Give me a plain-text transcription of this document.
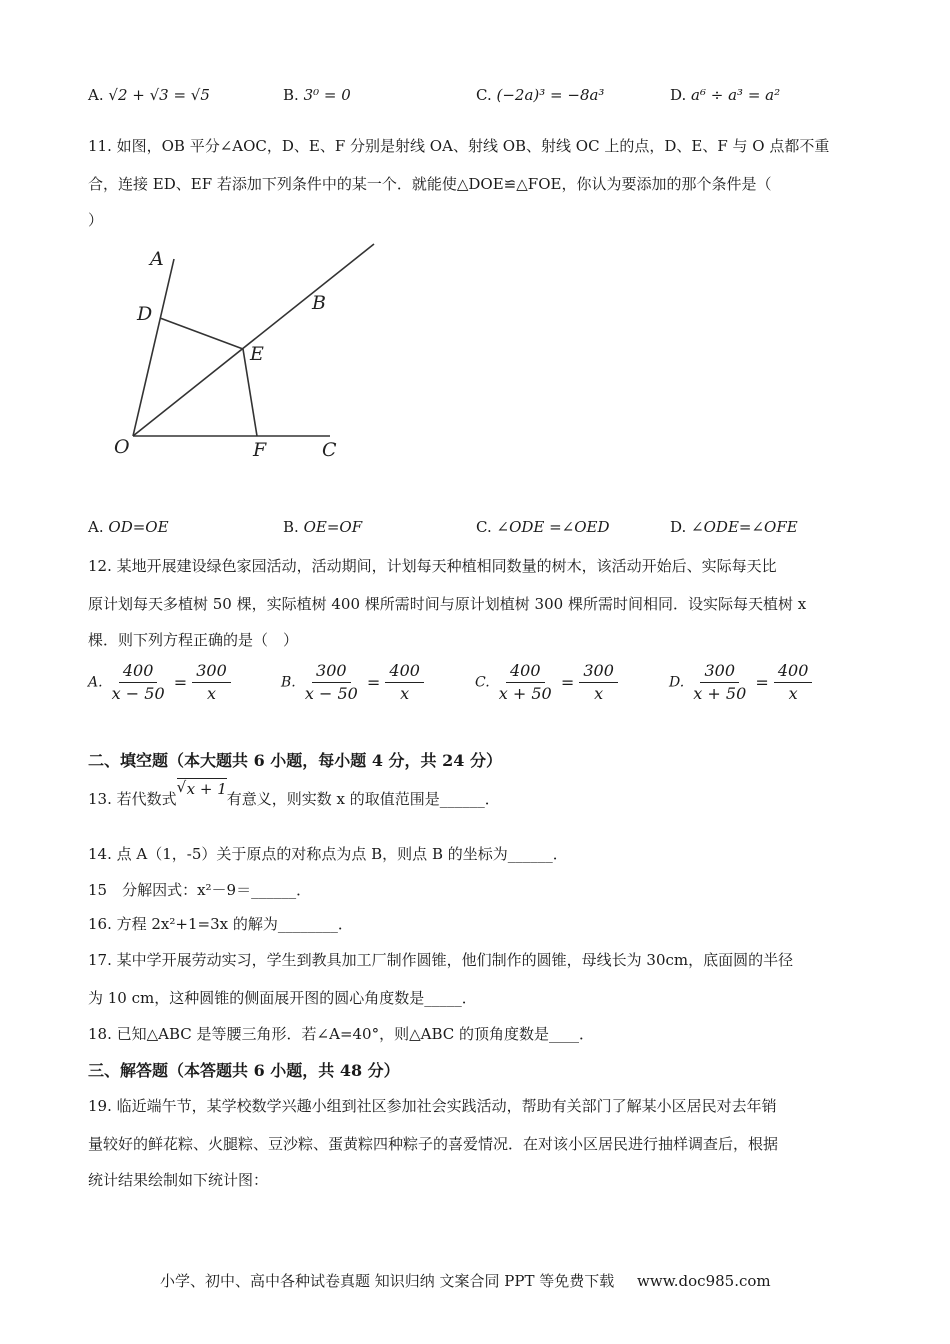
A. √2 + √3 = √5	B. 3⁰ = 0	C. (−2a)³ = −8a³	D. a⁶ ÷ a³ = a²
11. 如图，OB 平分∠AOC，D、E、F 分别是射线 OA、射线 OB、射线 OC 上的点，D、E、F 与 O 点都不重
合，连接 ED、EF 若添加下列条件中的某一个．就能使△DOE≌△FOE，你认为要添加的那个条件是（
）
A
B
C
D
E
F
O
A. OD=OE	B. OE=OF	C. ∠ODE =∠OED	D. ∠ODE=∠OFE
12. 某地开展建设绿色家园活动，活动期间，计划每天种植相同数量的树木，该活动开始后、实际每天比
原计划每天多植树 50 棵，实际植树 400 棵所需时间与原计划植树 300 棵所需时间相同．设实际每天植树 x
棵．则下列方程正确的是（　）
A. $\frac{400}{x - 50} = \frac{300}{x}$	B. $\frac{300}{x - 50} = \frac{400}{x}$	C. $\frac{400}{x + 50} = \frac{300}{x}$	D. $\frac{300}{x + 50} = \frac{400}{x}$
二、填空题（本大题共 6 小题，每小题 4 分，共 24 分）
13. 若代数式
√ x + 1有意义，则实数 x 的取值范围是______．
14. 点 A（1，-5）关于原点的对称点为点 B，则点 B 的坐标为______．
15　分解因式：x²－9＝______．
16. 方程 2x²+1=3x 的解为________．
17. 某中学开展劳动实习，学生到教具加工厂制作圆锥，他们制作的圆锥，母线长为 30cm，底面圆的半径
为 10 cm，这种圆锥的侧面展开图的圆心角度数是_____．
18. 已知△ABC 是等腰三角形．若∠A=40°，则△ABC 的顶角度数是____．
三、解答题（本答题共 6 小题，共 48 分）
19. 临近端午节，某学校数学兴趣小组到社区参加社会实践活动，帮助有关部门了解某小区居民对去年销
量较好的鲜花粽、火腿粽、豆沙粽、蛋黄粽四种粽子的喜爱情况．在对该小区居民进行抽样调查后，根据
统计结果绘制如下统计图：
小学、初中、高中各种试卷真题 知识归纳 文案合同 PPT 等免费下载 www.doc985.com
